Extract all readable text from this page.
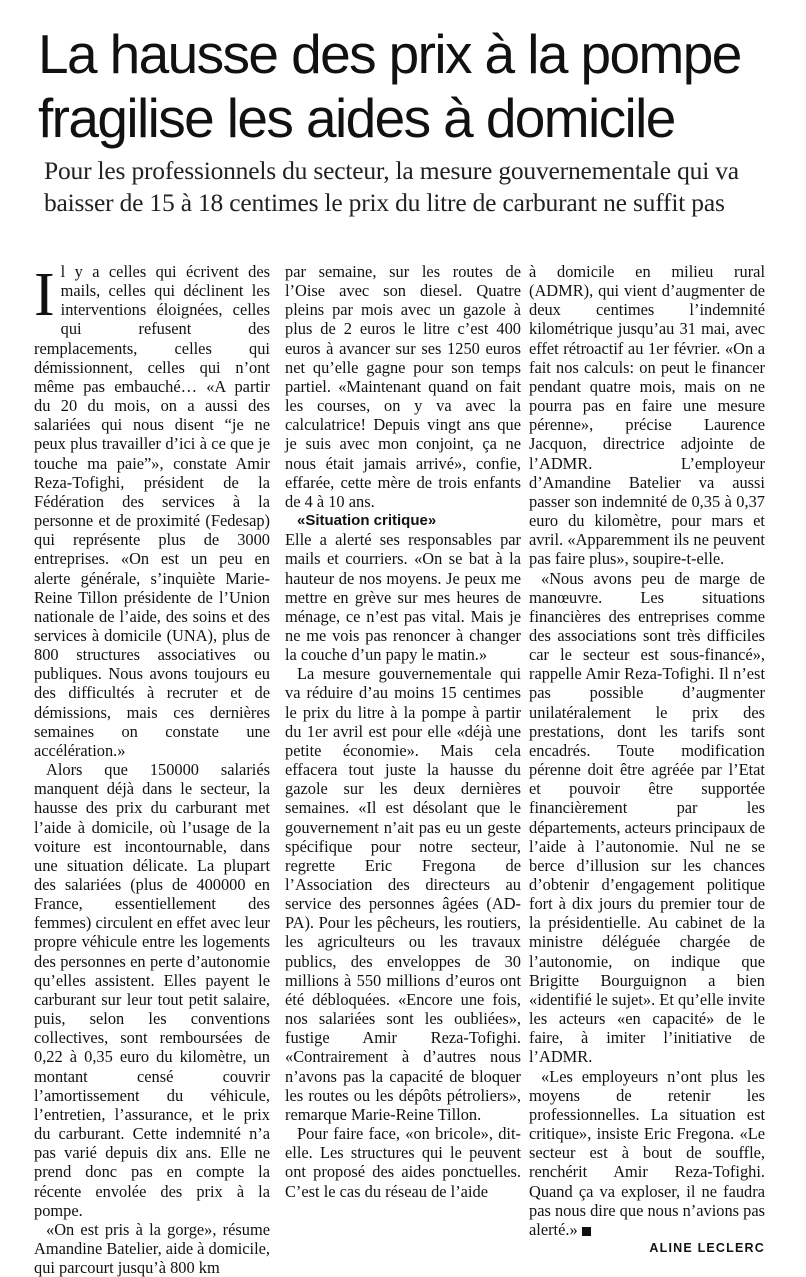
La hausse des prix à la pompe fragilise les aides à domicile

Pour les professionnels du secteur, la mesure gouvernementale qui va baisser de 15 à 18 centimes le prix du litre de carburant ne suffit pas

I l y a celles qui écrivent des mails, celles qui déclinent les interventions éloignées, celles qui refusent des remplacements, celles qui démissionnent, celles qui n’ont même pas embauché… «A partir du 20 du mois, on a aussi des salariées qui nous disent “je ne peux plus travailler d’ici à ce que je touche ma paie”», constate Amir Reza-Tofighi, président de la Fédération des services à la personne et de proximité (Fedesap) qui représente plus de 3000 entreprises. «On est un peu en alerte générale, s’inquiète Marie-Reine Tillon présidente de l’Union nationale de l’aide, des soins et des services à domicile (UNA), plus de 800 structures associatives ou publiques. Nous avons toujours eu des difficultés à recruter et de démissions, mais ces dernières semaines on constate une accélération.»

Alors que 150000 salariés manquent déjà dans le secteur, la hausse des prix du carburant met l’aide à domicile, où l’usage de la voiture est incontournable, dans une situation délicate. La plupart des salariées (plus de 400000 en France, essentiellement des femmes) circulent en effet avec leur propre véhicule entre les logements des personnes en perte d’autonomie qu’elles assistent. Elles payent le carburant sur leur tout petit salaire, puis, selon les conventions collectives, sont remboursées de 0,22 à 0,35 euro du kilomètre, un montant censé couvrir l’amortissement du véhicule, l’entretien, l’assurance, et le prix du carburant. Cette indemnité n’a pas varié depuis dix ans. Elle ne prend donc pas en compte la récente envolée des prix à la pompe.

«On est pris à la gorge», résume Amandine Batelier, aide à domicile, qui parcourt jusqu’à 800 km

par semaine, sur les routes de l’Oise avec son diesel. Quatre pleins par mois avec un gazole à plus de 2 euros le litre c’est 400 euros à avancer sur ses 1250 euros net qu’elle gagne pour son temps partiel. «Maintenant quand on fait les courses, on y va avec la calculatrice! Depuis vingt ans que je suis avec mon conjoint, ça ne nous était jamais arrivé», confie, effarée, cette mère de trois enfants de 4 à 10 ans.

«Situation critique»

Elle a alerté ses responsables par mails et courriers. «On se bat à la hauteur de nos moyens. Je peux me mettre en grève sur mes heures de ménage, ce n’est pas vital. Mais je ne me vois pas renoncer à changer la couche d’un papy le matin.»

La mesure gouvernementale qui va réduire d’au moins 15 centimes le prix du litre à la pompe à partir du 1er avril est pour elle «déjà une petite économie». Mais cela effacera tout juste la hausse du gazole sur les deux dernières semaines. «Il est désolant que le gouvernement n’ait pas eu un geste spécifique pour notre secteur, regrette Eric Fregona de l’Association des directeurs au service des personnes âgées (AD-PA). Pour les pêcheurs, les routiers, les agriculteurs ou les travaux publics, des enveloppes de 30 millions à 550 millions d’euros ont été débloquées. «Encore une fois, nos salariées sont les oubliées», fustige Amir Reza-Tofighi. «Contrairement à d’autres nous n’avons pas la capacité de bloquer les routes ou les dépôts pétroliers», remarque Marie-Reine Tillon.

Pour faire face, «on bricole», dit-elle. Les structures qui le peuvent ont proposé des aides ponctuelles. C’est le cas du réseau de l’aide

à domicile en milieu rural (ADMR), qui vient d’augmenter de deux centimes l’indemnité kilométrique jusqu’au 31 mai, avec effet rétroactif au 1er février. «On a fait nos calculs: on peut le financer pendant quatre mois, mais on ne pourra pas en faire une mesure pérenne», précise Laurence Jacquon, directrice adjointe de l’ADMR. L’employeur d’Amandine Batelier va aussi passer son indemnité de 0,35 à 0,37 euro du kilomètre, pour mars et avril. «Apparemment ils ne peuvent pas faire plus», soupire-t-elle.

«Nous avons peu de marge de manœuvre. Les situations financières des entreprises comme des associations sont très difficiles car le secteur est sous-financé», rappelle Amir Reza-Tofighi. Il n’est pas possible d’augmenter unilatéralement le prix des prestations, dont les tarifs sont encadrés. Toute modification pérenne doit être agréée par l’Etat et pouvoir être supportée financièrement par les départements, acteurs principaux de l’aide à l’autonomie. Nul ne se berce d’illusion sur les chances d’obtenir d’engagement politique fort à dix jours du premier tour de la présidentielle. Au cabinet de la ministre déléguée chargée de l’autonomie, on indique que Brigitte Bourguignon a bien «identifié le sujet». Et qu’elle invite les acteurs «en capacité» de le faire, à imiter l’initiative de l’ADMR.

«Les employeurs n’ont plus les moyens de retenir les professionnelles. La situation est critique», insiste Eric Fregona. «Le secteur est à bout de souffle, renchérit Amir Reza-Tofighi. Quand ça va exploser, il ne faudra pas nous dire que nous n’avions pas alerté.»

ALINE LECLERC
